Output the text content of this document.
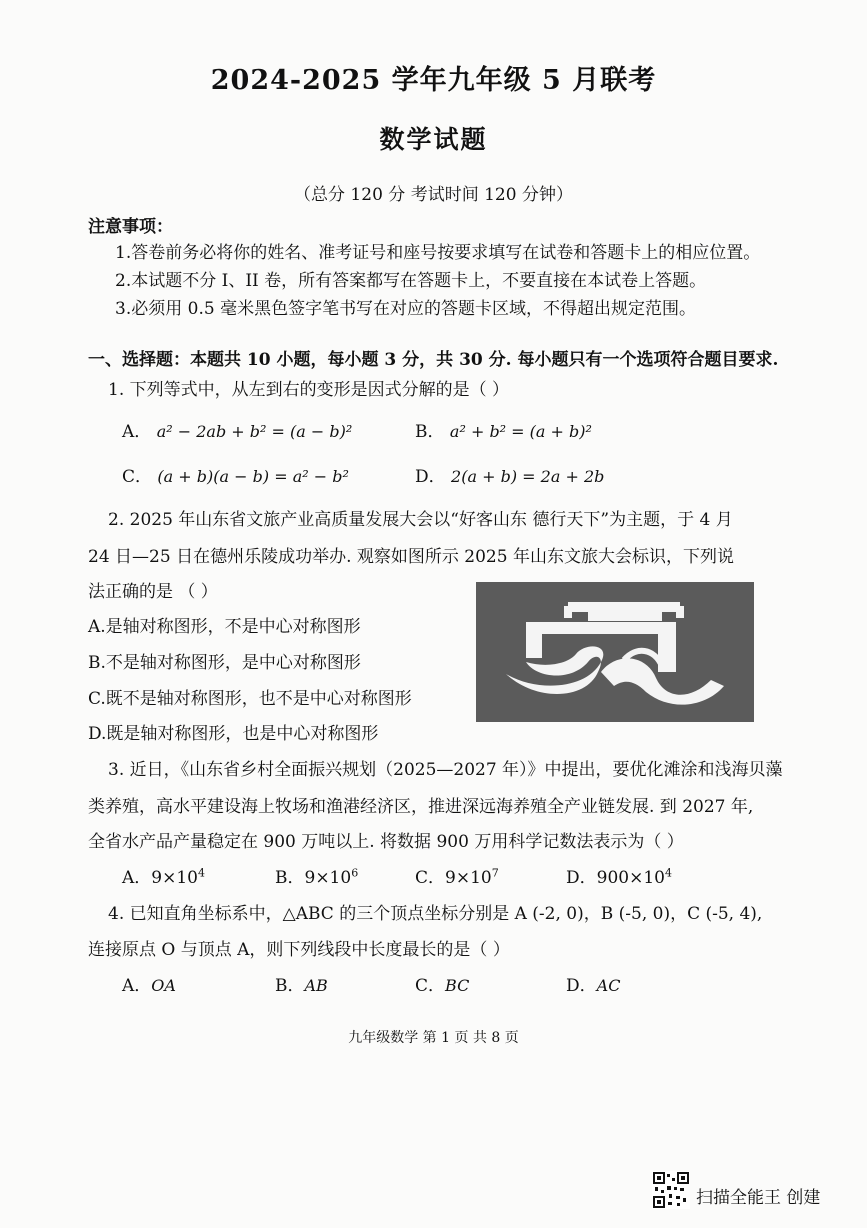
2024-2025 学年九年级 5 月联考
数学试题
（总分 120 分 考试时间 120 分钟）
注意事项：
1.答卷前务必将你的姓名、准考证号和座号按要求填写在试卷和答题卡上的相应位置。
2.本试题不分 I、II 卷，所有答案都写在答题卡上，不要直接在本试卷上答题。
3.必须用 0.5 毫米黑色签字笔书写在对应的答题卡区域，不得超出规定范围。
一、选择题：本题共 10 小题，每小题 3 分，共 30 分. 每小题只有一个选项符合题目要求.
1. 下列等式中，从左到右的变形是因式分解的是（ ）
A． a² − 2ab + b² = (a − b)²	B． a² + b² = (a + b)²
C． (a + b)(a − b) = a² − b²	D． 2(a + b) = 2a + 2b
2. 2025 年山东省文旅产业高质量发展大会以“好客山东 德行天下”为主题，于 4 月
24 日—25 日在德州乐陵成功举办. 观察如图所示 2025 年山东文旅大会标识，下列说
法正确的是 （ ）
A.是轴对称图形，不是中心对称图形
B.不是轴对称图形，是中心对称图形
C.既不是轴对称图形，也不是中心对称图形
D.既是轴对称图形，也是中心对称图形
3. 近日，《山东省乡村全面振兴规划（2025—2027 年）》中提出，要优化滩涂和浅海贝藻
类养殖，高水平建设海上牧场和渔港经济区，推进深远海养殖全产业链发展. 到 2027 年,
全省水产品产量稳定在 900 万吨以上. 将数据 900 万用科学记数法表示为（ ）
A．$9\times 10^4$	B．$9\times 10^6$	C．$9\times 10^7$	D．$900\times 10^4$
4. 已知直角坐标系中，△ABC 的三个顶点坐标分别是 A (-2, 0)，B (-5, 0)，C (-5, 4),
连接原点 O 与顶点 A，则下列线段中长度最长的是（ ）
A．OA	B．AB	C．BC	D．AC
九年级数学 第 1 页 共 8 页
扫描全能王 创建
